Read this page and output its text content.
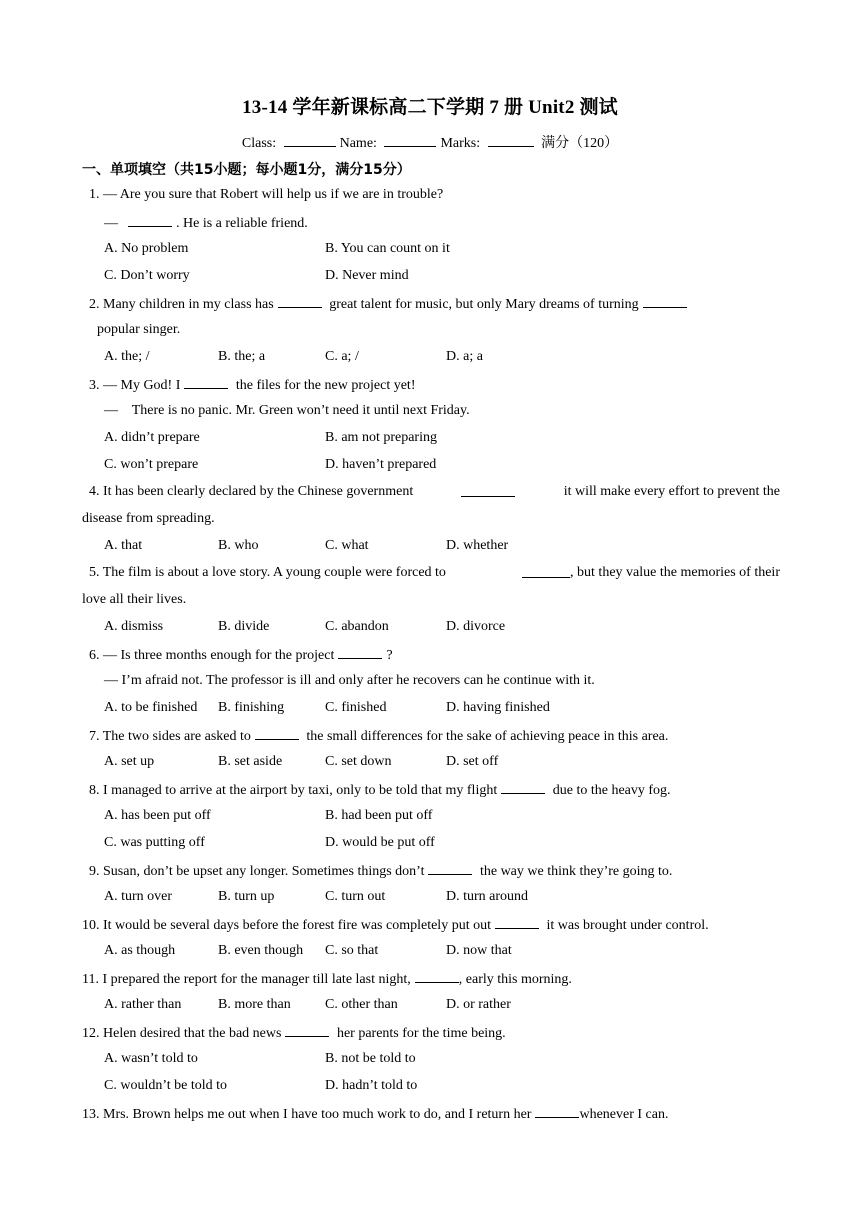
13-14 学年新课标高二下学期 7 册 Unit2 测试
Class:	Name:	Marks:	满分（120）
一、单项填空（共15小题；每小题1分，满分15分）
1. — Are you sure that Robert will help us if we are in trouble?
—	. He is a reliable friend.
A. No problem	B. You can count on it
C. Don’t worry	D. Never mind
2. Many children in my class has	great talent for music, but only Mary dreams of turning
popular singer.
A. the; /	B. the; a	C. a; /	D. a; a
3. — My God! I	the files for the new project yet!
—    There is no panic. Mr. Green won’t need it until next Friday.
A. didn’t prepare	B. am not preparing
C. won’t prepare	D. haven’t prepared
4. It has been clearly declared by the Chinese government	it will make every effort to prevent the
disease from spreading.
A. that	B. who	C. what	D. whether
5. The film is about a love story. A young couple were forced to	, but they value the memories of their
love all their lives.
A. dismiss	B. divide	C. abandon	D. divorce
6. — Is three months enough for the project	?
— I’m afraid not. The professor is ill and only after he recovers can he continue with it.
A. to be finished B. finishing	C. finished	D. having finished
7. The two sides are asked to	the small differences for the sake of achieving peace in this area.
A. set up	B. set aside	C. set down	D. set off
8. I managed to arrive at the airport by taxi, only to be told that my flight	due to the heavy fog.
A. has been put off	B. had been put off
C. was putting off	D. would be put off
9. Susan, don’t be upset any longer. Sometimes things don’t	the way we think they’re going to.
A. turn over	B. turn up	C. turn out	D. turn around
10. It would be several days before the forest fire was completely put out	it was brought under control.
A. as though	B. even though C. so that	D. now that
11. I prepared the report for the manager till late last night,	, early this morning.
A. rather than	B. more than C. other than	D. or rather
12. Helen desired that the bad news	her parents for the time being.
A. wasn’t told to	B. not be told to
C. wouldn’t be told to	D. hadn’t told to
13. Mrs. Brown helps me out when I have too much work to do, and I return her	whenever I can.
